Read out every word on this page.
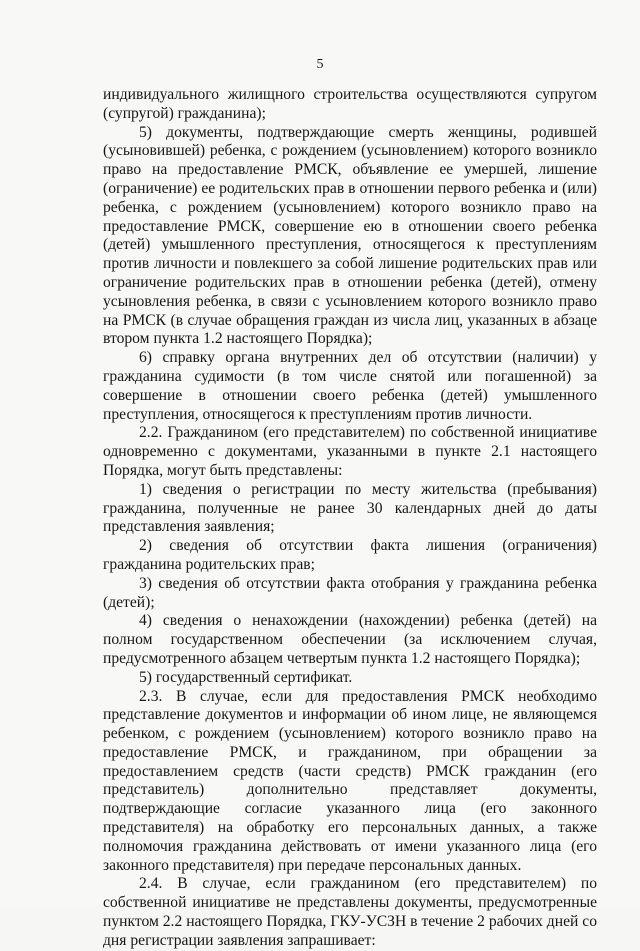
5

индивидуального жилищного строительства осуществляются супругом (супругой) гражданина);

5) документы, подтверждающие смерть женщины, родившей (усыновившей) ребенка, с рождением (усыновлением) которого возникло право на предоставление РМСК, объявление ее умершей, лишение (ограничение) ее родительских прав в отношении первого ребенка и (или) ребенка, с рождением (усыновлением) которого возникло право на предоставление РМСК, совершение ею в отношении своего ребенка (детей) умышленного преступления, относящегося к преступлениям против личности и повлекшего за собой лишение родительских прав или ограничение родительских прав в отношении ребенка (детей), отмену усыновления ребенка, в связи с усыновлением которого возникло право на РМСК (в случае обращения граждан из числа лиц, указанных в абзаце втором пункта 1.2 настоящего Порядка);

6) справку органа внутренних дел об отсутствии (наличии) у гражданина судимости (в том числе снятой или погашенной) за совершение в отношении своего ребенка (детей) умышленного преступления, относящегося к преступлениям против личности.

2.2. Гражданином (его представителем) по собственной инициативе одновременно с документами, указанными в пункте 2.1 настоящего Порядка, могут быть представлены:

1) сведения о регистрации по месту жительства (пребывания) гражданина, полученные не ранее 30 календарных дней до даты представления заявления;

2) сведения об отсутствии факта лишения (ограничения) гражданина родительских прав;

3) сведения об отсутствии факта отобрания у гражданина ребенка (детей);

4) сведения о ненахождении (нахождении) ребенка (детей) на полном государственном обеспечении (за исключением случая, предусмотренного абзацем четвертым пункта 1.2 настоящего Порядка);

5) государственный сертификат.

2.3. В случае, если для предоставления РМСК необходимо представление документов и информации об ином лице, не являющемся ребенком, с рождением (усыновлением) которого возникло право на предоставление РМСК, и гражданином, при обращении за предоставлением средств (части средств) РМСК гражданин (его представитель) дополнительно представляет документы, подтверждающие согласие указанного лица (его законного представителя) на обработку его персональных данных, а также полномочия гражданина действовать от имени указанного лица (его законного представителя) при передаче персональных данных.

2.4. В случае, если гражданином (его представителем) по собственной инициативе не представлены документы, предусмотренные пунктом 2.2 настоящего Порядка, ГКУ-УСЗН в течение 2 рабочих дней со дня регистрации заявления запрашивает:
